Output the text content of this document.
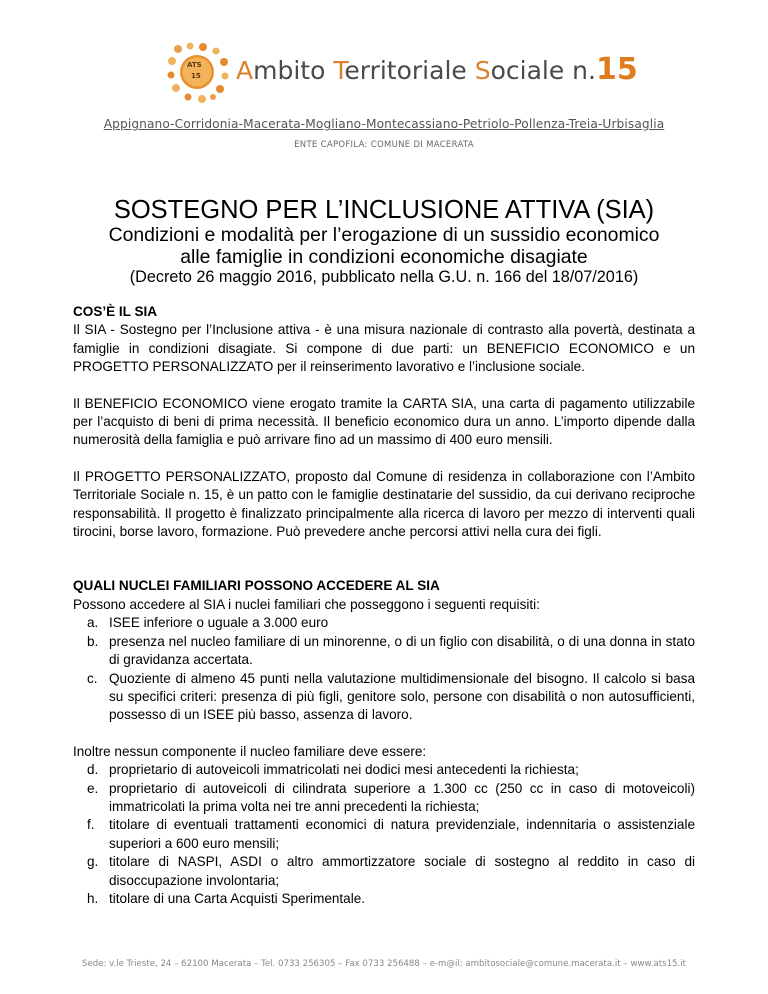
ATS
15 Ambito Territoriale Sociale n.15
Appignano-Corridonia-Macerata-Mogliano-Montecassiano-Petriolo-Pollenza-Treia-Urbisaglia
ENTE CAPOFILA: COMUNE DI MACERATA
SOSTEGNO PER L’INCLUSIONE ATTIVA (SIA)
Condizioni e modalità per l’erogazione di un sussidio economico
alle famiglie in condizioni economiche disagiate
(Decreto 26 maggio 2016, pubblicato nella G.U. n. 166 del 18/07/2016)
COS’È IL SIA

Il SIA - Sostegno per l’Inclusione attiva - è una misura nazionale di contrasto alla povertà, destinata a famiglie in condizioni disagiate. Si compone di due parti: un BENEFICIO ECONOMICO e un PROGETTO PERSONALIZZATO per il reinserimento lavorativo e l’inclusione sociale.

Il BENEFICIO ECONOMICO viene erogato tramite la CARTA SIA, una carta di pagamento utilizzabile per l’acquisto di beni di prima necessità. Il beneficio economico dura un anno. L’importo dipende dalla numerosità della famiglia e può arrivare fino ad un massimo di 400 euro mensili.

Il PROGETTO PERSONALIZZATO, proposto dal Comune di residenza in collaborazione con l’Ambito Territoriale Sociale n. 15, è un patto con le famiglie destinatarie del sussidio, da cui derivano reciproche responsabilità. Il progetto è finalizzato principalmente alla ricerca di lavoro per mezzo di interventi quali tirocini, borse lavoro, formazione. Può prevedere anche percorsi attivi nella cura dei figli.

QUALI NUCLEI FAMILIARI POSSONO ACCEDERE AL SIA

Possono accedere al SIA i nuclei familiari che posseggono i seguenti requisiti:

a. ISEE inferiore o uguale a 3.000 euro
b. presenza nel nucleo familiare di un minorenne, o di un figlio con disabilità, o di una donna in stato di gravidanza accertata.
c. Quoziente di almeno 45 punti nella valutazione multidimensionale del bisogno. Il calcolo si basa su specifici criteri: presenza di più figli, genitore solo, persone con disabilità o non autosufficienti, possesso di un ISEE più basso, assenza di lavoro.

Inoltre nessun componente il nucleo familiare deve essere:

d. proprietario di autoveicoli immatricolati nei dodici mesi antecedenti la richiesta;
e. proprietario di autoveicoli di cilindrata superiore a 1.300 cc (250 cc in caso di motoveicoli) immatricolati la prima volta nei tre anni precedenti la richiesta;
f. titolare di eventuali trattamenti economici di natura previdenziale, indennitaria o assistenziale superiori a 600 euro mensili;
g. titolare di NASPI, ASDI o altro ammortizzatore sociale di sostegno al reddito in caso di disoccupazione involontaria;
h. titolare di una Carta Acquisti Sperimentale.
Sede: v.le Trieste, 24 – 62100 Macerata – Tel. 0733 256305 – Fax 0733 256488 – e-m@il: ambitosociale@comune.macerata.it – www.ats15.it
